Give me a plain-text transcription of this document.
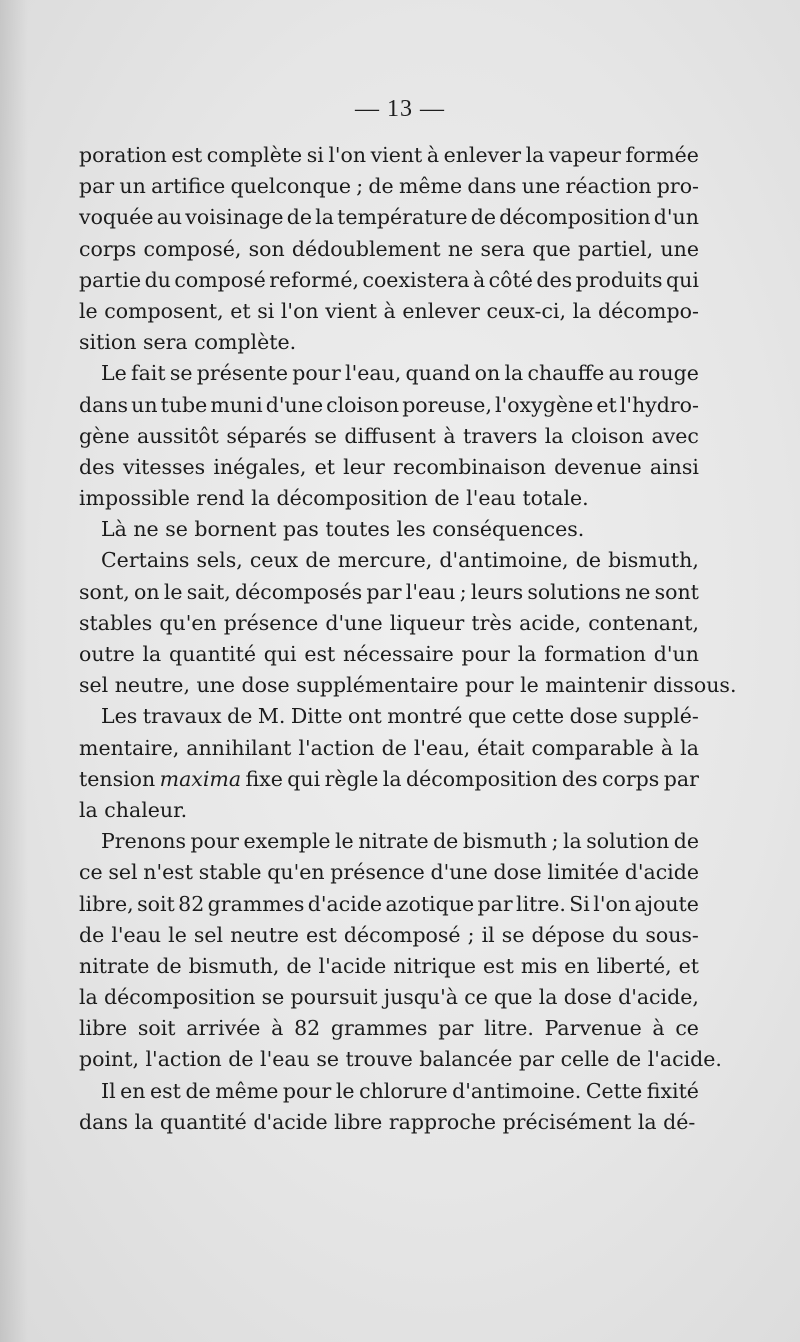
— 13 —
poration est complète si l'on vient à enlever la vapeur formée
par un artifice quelconque ; de même dans une réaction pro-
voquée au voisinage de la température de décomposition d'un
corps composé, son dédoublement ne sera que partiel, une
partie du composé reformé, coexistera à côté des produits qui
le composent, et si l'on vient à enlever ceux-ci, la décompo-
sition sera complète.
Le fait se présente pour l'eau, quand on la chauffe au rouge
dans un tube muni d'une cloison poreuse, l'oxygène et l'hydro-
gène aussitôt séparés se diffusent à travers la cloison avec
des vitesses inégales, et leur recombinaison devenue ainsi
impossible rend la décomposition de l'eau totale.
Là ne se bornent pas toutes les conséquences.
Certains sels, ceux de mercure, d'antimoine, de bismuth,
sont, on le sait, décomposés par l'eau ; leurs solutions ne sont
stables qu'en présence d'une liqueur très acide, contenant,
outre la quantité qui est nécessaire pour la formation d'un
sel neutre, une dose supplémentaire pour le maintenir dissous.
Les travaux de M. Ditte ont montré que cette dose supplé-
mentaire, annihilant l'action de l'eau, était comparable à la
tension maxima fixe qui règle la décomposition des corps par
la chaleur.
Prenons pour exemple le nitrate de bismuth ; la solution de
ce sel n'est stable qu'en présence d'une dose limitée d'acide
libre, soit 82 grammes d'acide azotique par litre. Si l'on ajoute
de l'eau le sel neutre est décomposé ; il se dépose du sous-
nitrate de bismuth, de l'acide nitrique est mis en liberté, et
la décomposition se poursuit jusqu'à ce que la dose d'acide,
libre soit arrivée à 82 grammes par litre. Parvenue à ce
point, l'action de l'eau se trouve balancée par celle de l'acide.
Il en est de même pour le chlorure d'antimoine. Cette fixité
dans la quantité d'acide libre rapproche précisément la dé-
